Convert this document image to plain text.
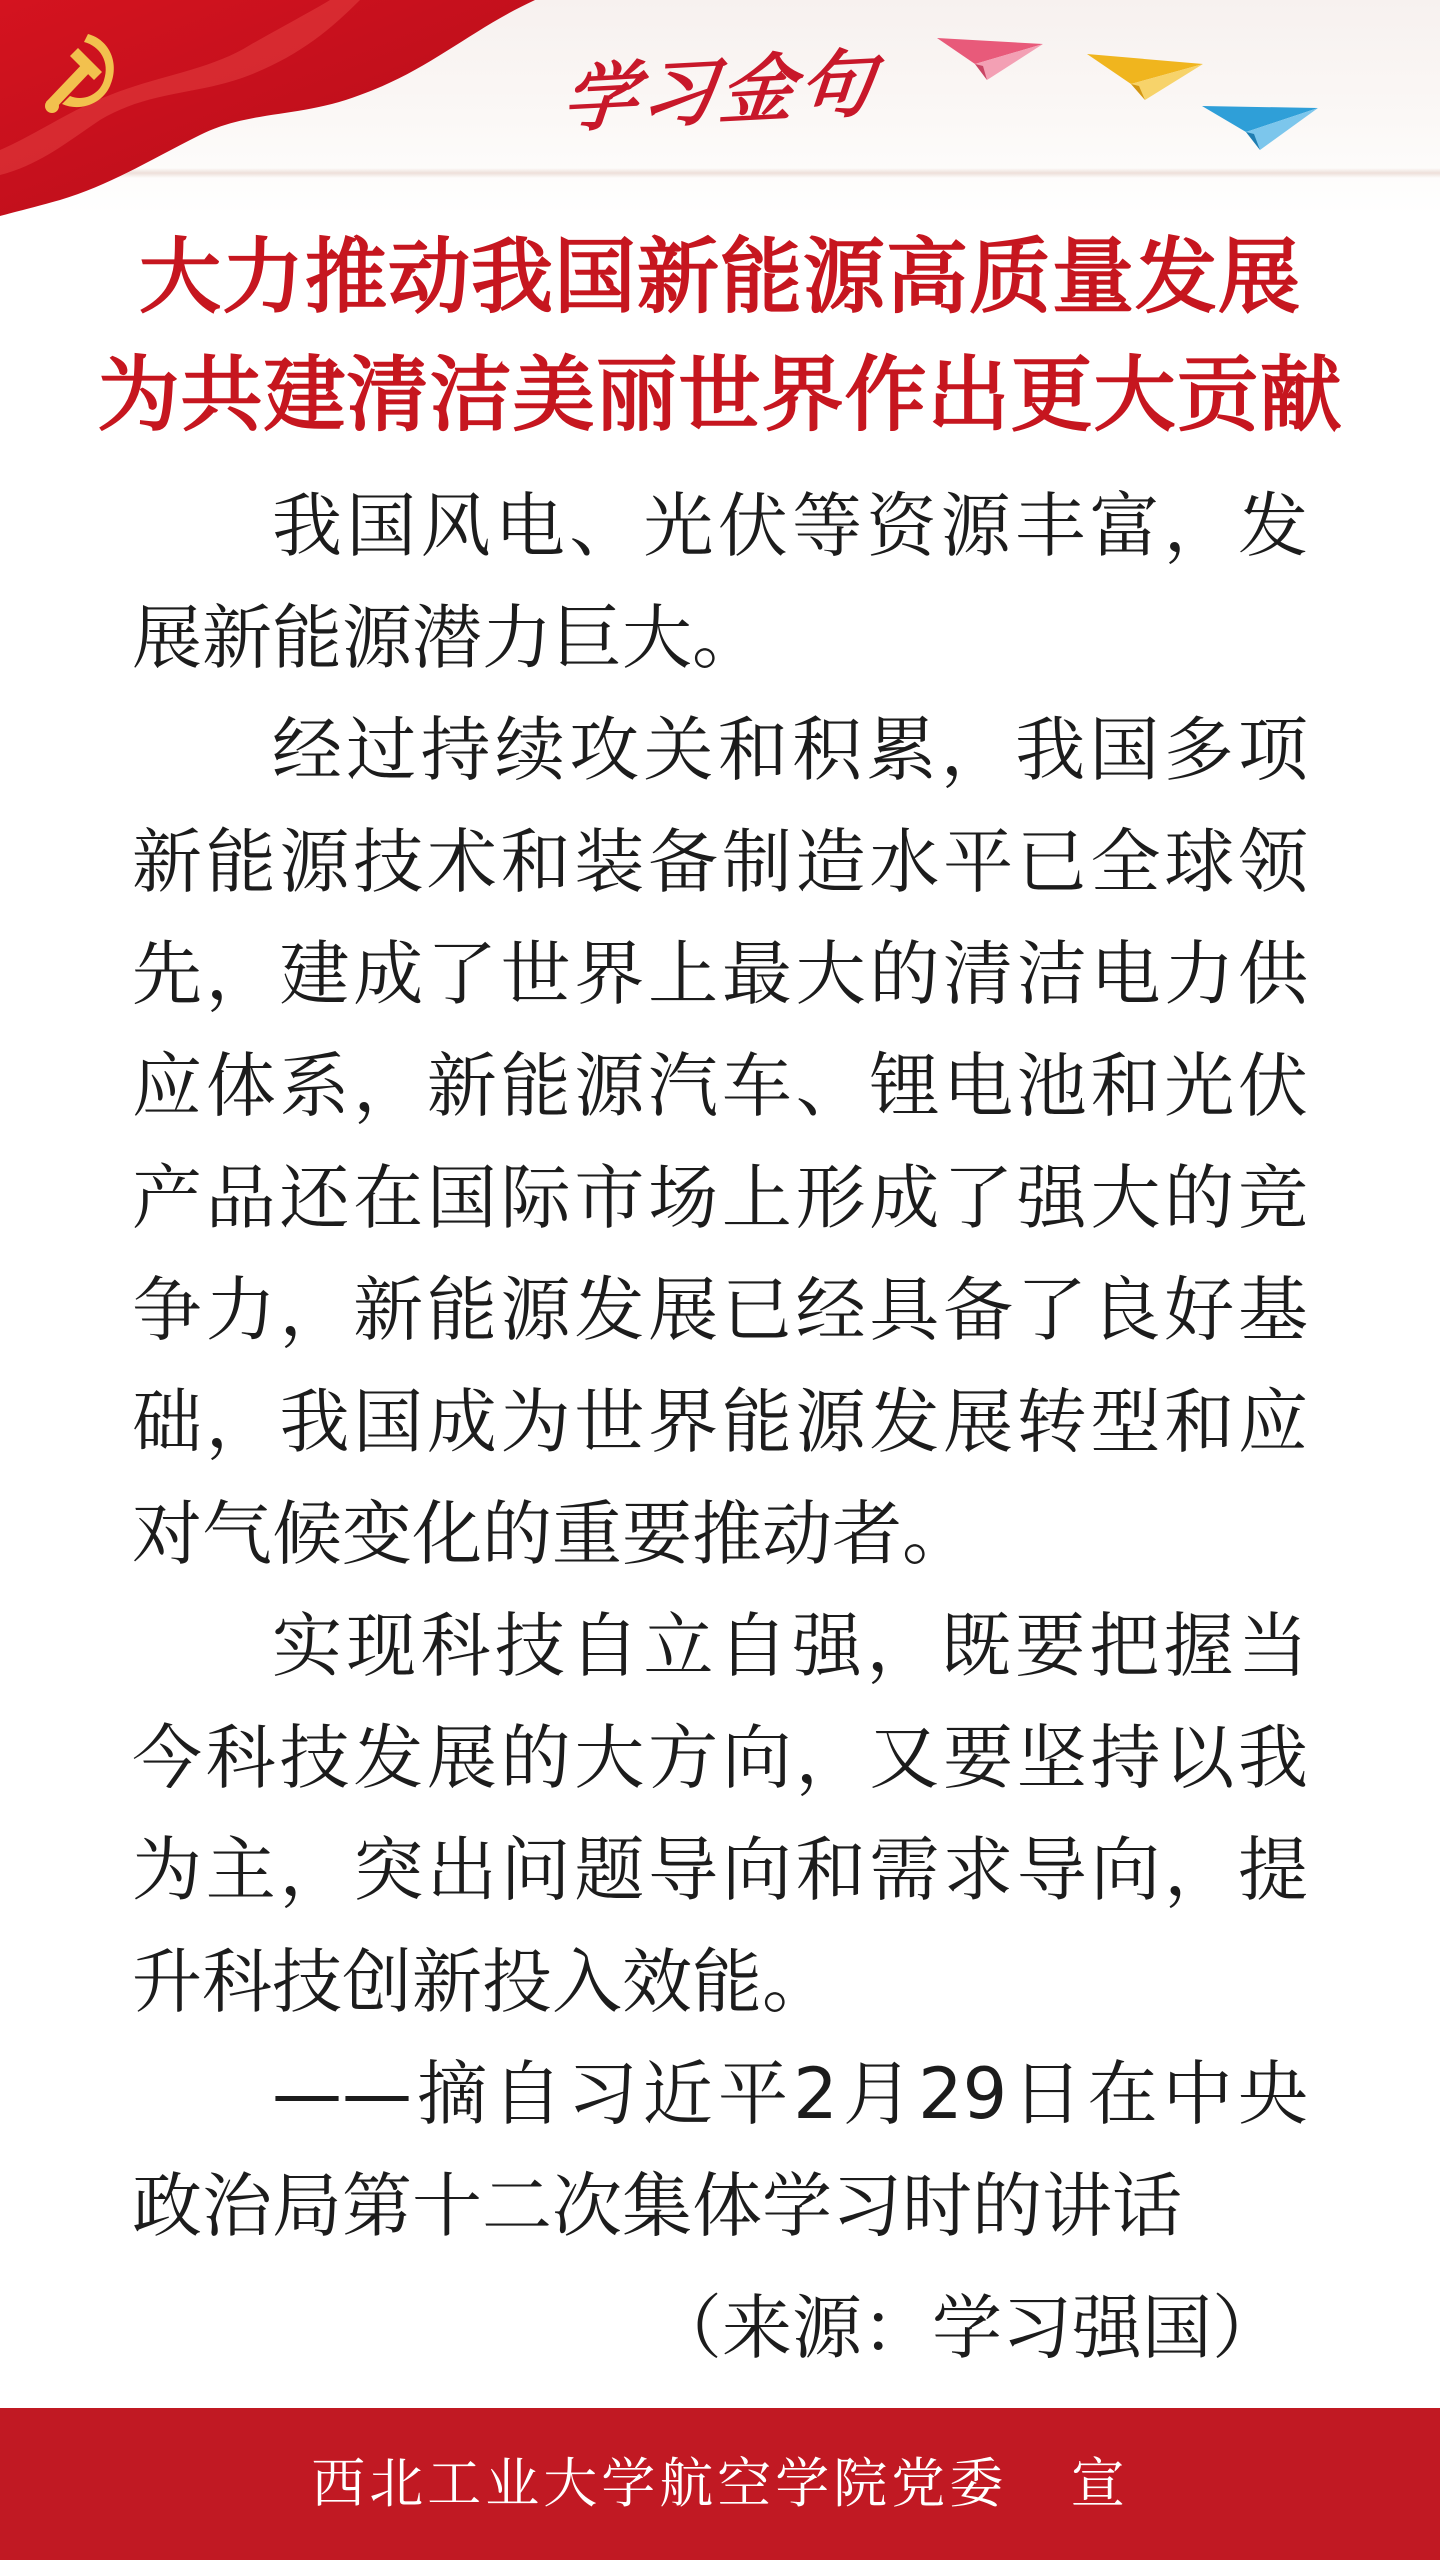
学习金句
大力推动我国新能源高质量发展
为共建清洁美丽世界作出更大贡献

我国风电、光伏等资源丰富，发展新能源潜力巨大。

经过持续攻关和积累，我国多项新能源技术和装备制造水平已全球领先，建成了世界上最大的清洁电力供应体系，新能源汽车、锂电池和光伏产品还在国际市场上形成了强大的竞争力，新能源发展已经具备了良好基础，我国成为世界能源发展转型和应对气候变化的重要推动者。

实现科技自立自强，既要把握当今科技发展的大方向，又要坚持以我为主，突出问题导向和需求导向，提升科技创新投入效能。

——摘自习近平2月29日在中央政治局第十二次集体学习时的讲话

（来源：学习强国）
西北工业大学航空学院党委   宣
